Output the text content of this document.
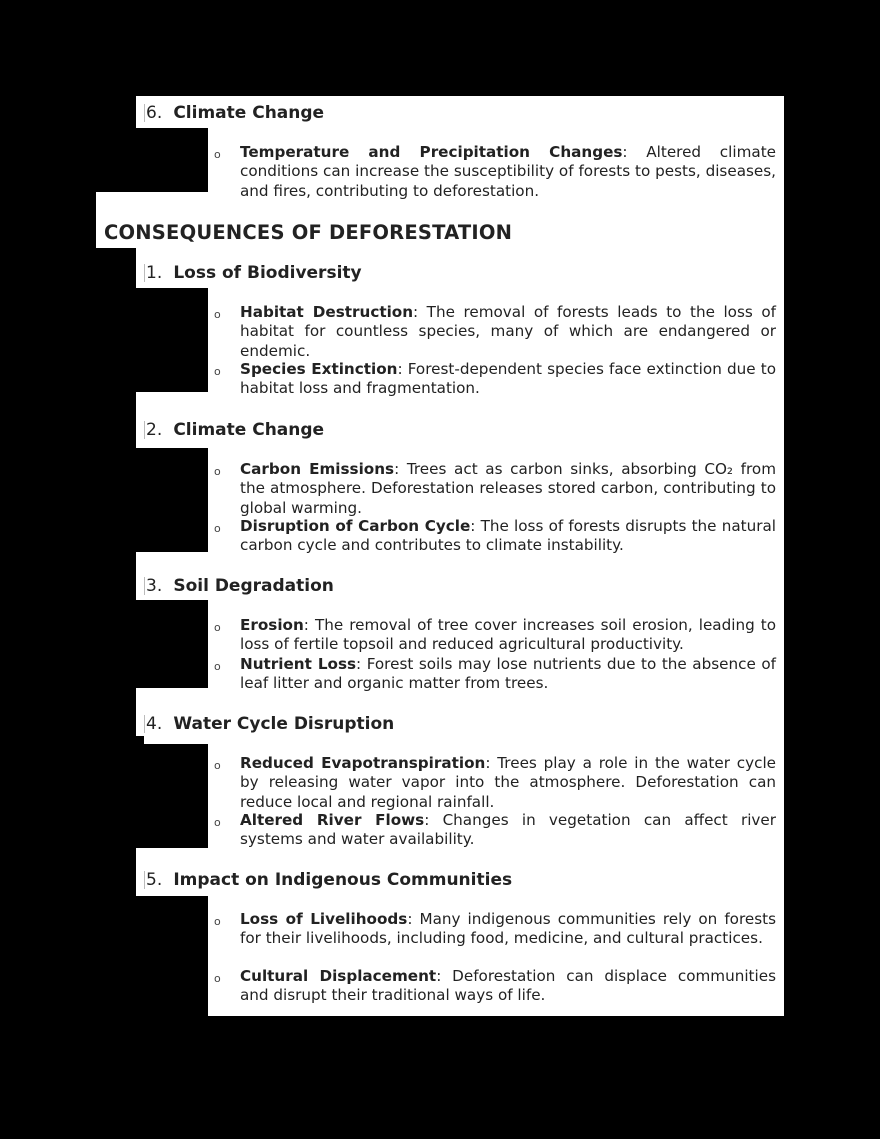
6. Climate Change
o Temperature and Precipitation Changes: Altered climate conditions can increase the susceptibility of forests to pests, diseases, and fires, contributing to deforestation.
CONSEQUENCES OF DEFORESTATION
1. Loss of Biodiversity
o Habitat Destruction: The removal of forests leads to the loss of habitat for countless species, many of which are endangered or endemic.
o Species Extinction: Forest-dependent species face extinction due to habitat loss and fragmentation.
2. Climate Change
o Carbon Emissions: Trees act as carbon sinks, absorbing CO₂ from the atmosphere. Deforestation releases stored carbon, contributing to global warming.
o Disruption of Carbon Cycle: The loss of forests disrupts the natural carbon cycle and contributes to climate instability.
3. Soil Degradation
o Erosion: The removal of tree cover increases soil erosion, leading to loss of fertile topsoil and reduced agricultural productivity.
o Nutrient Loss: Forest soils may lose nutrients due to the absence of leaf litter and organic matter from trees.
4. Water Cycle Disruption
o Reduced Evapotranspiration: Trees play a role in the water cycle by releasing water vapor into the atmosphere. Deforestation can reduce local and regional rainfall.
o Altered River Flows: Changes in vegetation can affect river systems and water availability.
5. Impact on Indigenous Communities
o Loss of Livelihoods: Many indigenous communities rely on forests for their livelihoods, including food, medicine, and cultural practices.
o Cultural Displacement: Deforestation can displace communities and disrupt their traditional ways of life.
